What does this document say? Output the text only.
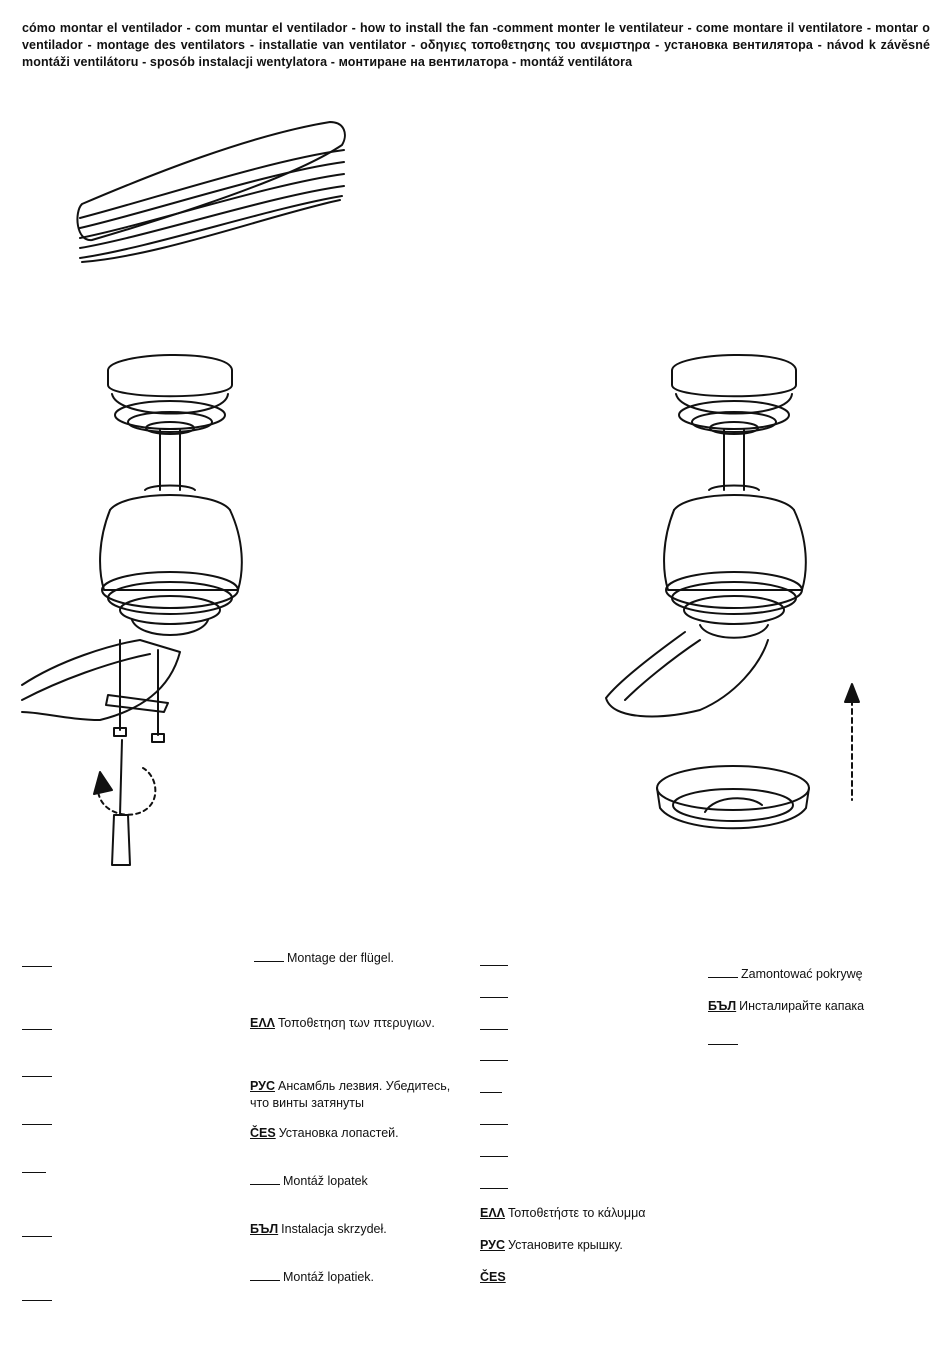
cómo montar el ventilador - com muntar el ventilador - how to install the fan -comment monter le ventilateur - come montare il ventilatore - montar o ventilador - montage des ventilators - installatie van ventilator - οδηγιες τοποθετησης του ανεμιστηρα - установка вентилятора - návod k závěsné montáži ventilátoru - sposób instalacji wentylatora - монтиране на вентилатора - montáž ventilátora
Montage der flügel.
ΕΛΛ Τοποθετηση των πτερυγιων.
РУС Ансамбль лезвия. Убедитесь,
что винты затянуты
ČES Установка лопастей.
Montáž lopatek
БЪЛ Instalacja skrzydeł.
Montáž lopatiek.
ΕΛΛ Τοποθετήστε το κάλυμμα
РУС Установите крышку.
ČES
Zamontować pokrywę
БЪЛ Инсталирайте капака
